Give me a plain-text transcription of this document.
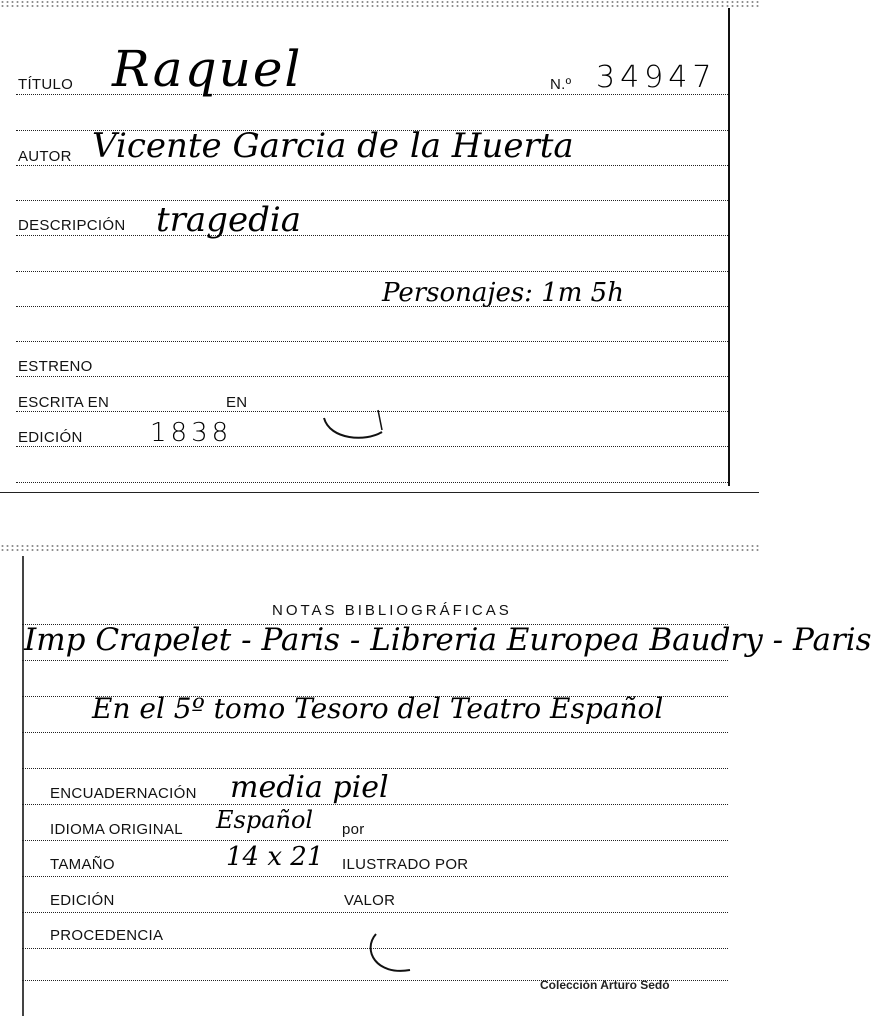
TÍTULO Raquel	N.º 34947
AUTOR Vicente Garcia de la Huerta
DESCRIPCIÓN tragedia
Personajes: 1m 5h
ESTRENO
ESCRITA EN	EN
EDICIÓN	1838
NOTAS BIBLIOGRÁFICAS
Imp Crapelet - Paris - Libreria Europea Baudry - Paris
En el 5º tomo Tesoro del Teatro Español
ENCUADERNACIÓN media piel
IDIOMA ORIGINAL Español por
TAMAÑO	14 x 21 ILUSTRADO POR
EDICIÓN	VALOR
PROCEDENCIA
Colección Arturo Sedó
